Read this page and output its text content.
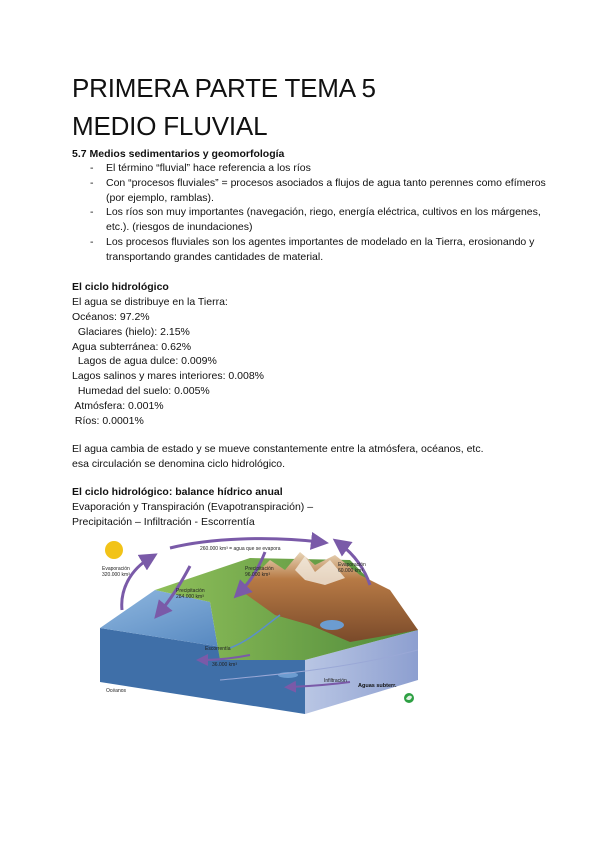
PRIMERA PARTE TEMA 5
MEDIO FLUVIAL
5.7 Medios sedimentarios y geomorfología
- El término “fluvial” hace referencia a los ríos
- Con “procesos fluviales” = procesos asociados a flujos de agua tanto perennes como efímeros (por ejemplo, ramblas).
- Los ríos son muy importantes (navegación, riego, energía eléctrica, cultivos en los márgenes, etc.). (riesgos de inundaciones)
- Los procesos fluviales son los agentes importantes de modelado en la Tierra, erosionando y transportando grandes cantidades de material.
El ciclo hidrológico

El agua se distribuye en la Tierra:

Océanos: 97.2%
Glaciares (hielo): 2.15%
Agua subterránea: 0.62%
Lagos de agua dulce: 0.009%
Lagos salinos y mares interiores: 0.008%
Humedad del suelo: 0.005%
Atmósfera: 0.001%
Ríos: 0.0001%

El agua cambia de estado y se mueve constantemente entre la atmósfera, océanos, etc.

esa circulación se denomina ciclo hidrológico.

El ciclo hidrológico: balance hídrico anual

Evaporación y Transpiración (Evapotranspiración) –

Precipitación – Infiltración - Escorrentía

260.000 km³ = agua que se evapora
Evaporación
320.000 km³
Evaporación
60.000 km³
Precipitación
284.000 km³
Precipitación
96.000 km³
Escorrentía
36.000 km³
Infiltración
Océanos
Aguas subterr.
